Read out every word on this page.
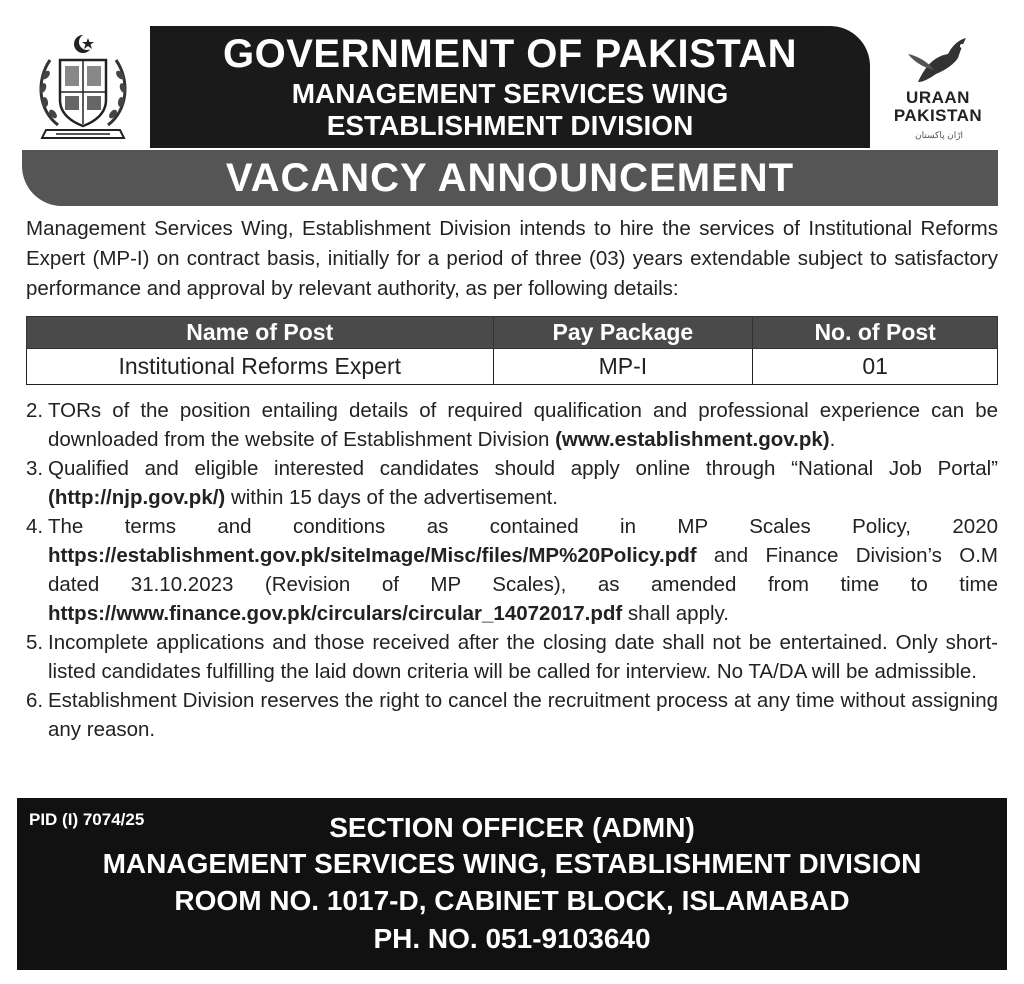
GOVERNMENT OF PAKISTAN
MANAGEMENT SERVICES WING
ESTABLISHMENT DIVISION
URAAN
PAKISTAN
اڑان پاکستان
VACANCY ANNOUNCEMENT

Management Services Wing, Establishment Division intends to hire the services of Institutional Reforms Expert (MP-I) on contract basis, initially for a period of three (03) years extendable subject to satisfactory performance and approval by relevant authority, as per following details:

Name of Post	Pay Package	No. of Post
Institutional Reforms Expert	MP-I	01
2. TORs of the position entailing details of required qualification and professional experience can be downloaded from the website of Establishment Division (www.establishment.gov.pk).
3. Qualified and eligible interested candidates should apply online through “National Job Portal” (http://njp.gov.pk/) within 15 days of the advertisement.
4. The terms and conditions as contained in MP Scales Policy, 2020 https://establishment.gov.pk/siteImage/Misc/files/MP%20Policy.pdf and Finance Division’s O.M dated 31.10.2023 (Revision of MP Scales), as amended from time to time https://www.finance.gov.pk/circulars/circular_14072017.pdf shall apply.
5. Incomplete applications and those received after the closing date shall not be entertained. Only short-listed candidates fulfilling the laid down criteria will be called for interview. No TA/DA will be admissible.
6. Establishment Division reserves the right to cancel the recruitment process at any time without assigning any reason.
SECTION OFFICER (ADMN)
MANAGEMENT SERVICES WING, ESTABLISHMENT DIVISION
ROOM NO. 1017-D, CABINET BLOCK, ISLAMABAD
PH. NO. 051-9103640
PID (I) 7074/25
